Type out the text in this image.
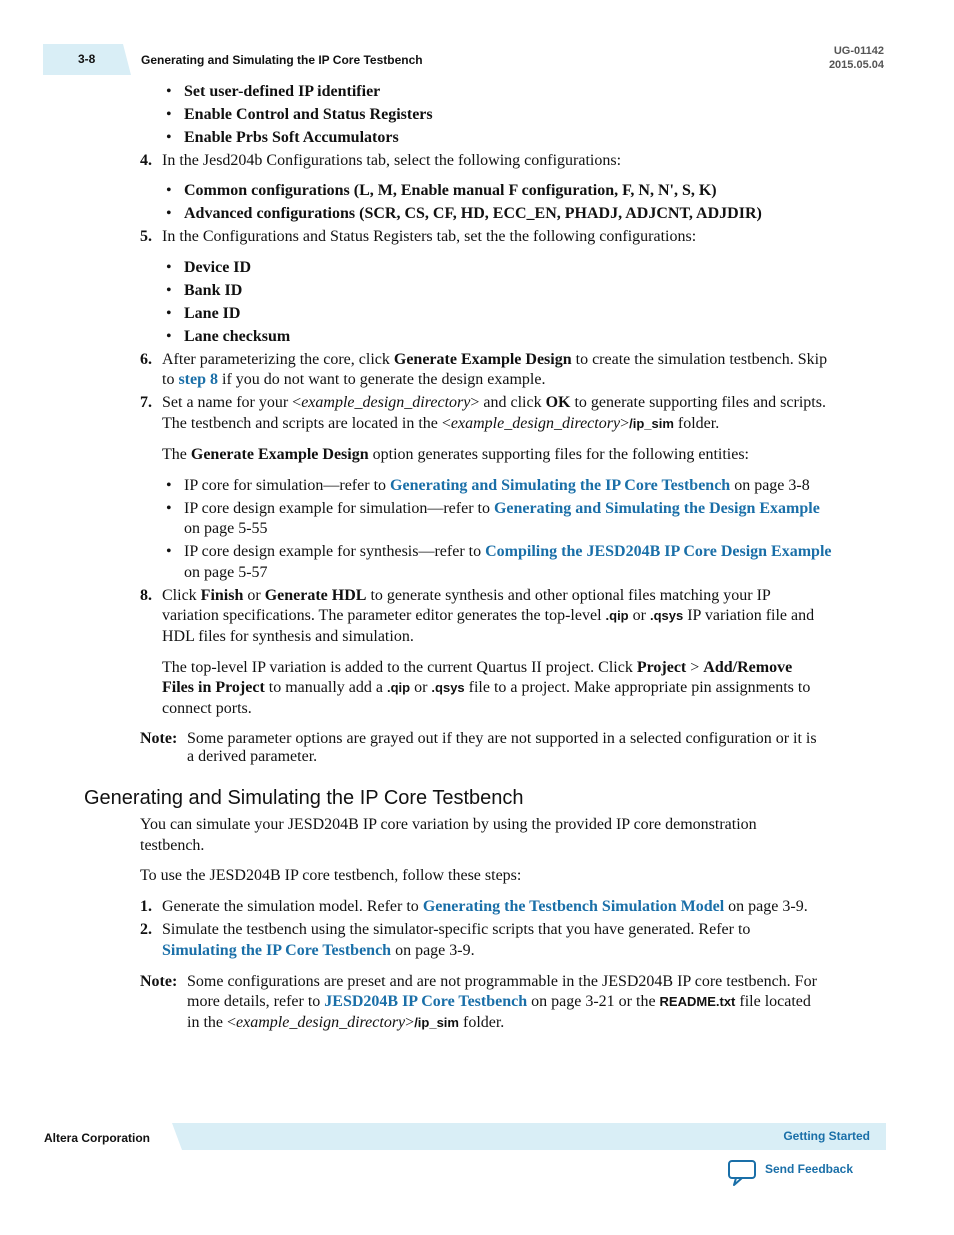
3-8	Generating and Simulating the IP Core Testbench
UG-01142
2015.05.04
• Set user-defined IP identifier
• Enable Control and Status Registers
• Enable Prbs Soft Accumulators
4. In the Jesd204b Configurations tab, select the following configurations:
• Common configurations (L, M, Enable manual F configuration, F, N, N', S, K)
• Advanced configurations (SCR, CS, CF, HD, ECC_EN, PHADJ, ADJCNT, ADJDIR)
5. In the Configurations and Status Registers tab, set the the following configurations:
• Device ID
• Bank ID
• Lane ID
• Lane checksum
6. After parameterizing the core, click Generate Example Design to create the simulation testbench. Skip
to step 8 if you do not want to generate the design example.
7. Set a name for your <example_design_directory> and click OK to generate supporting files and scripts.
The testbench and scripts are located in the <example_design_directory>/ip_sim folder.
The Generate Example Design option generates supporting files for the following entities:
• IP core for simulation—refer to Generating and Simulating the IP Core Testbench on page 3-8
• IP core design example for simulation—refer to Generating and Simulating the Design Example
on page 5-55
• IP core design example for synthesis—refer to Compiling the JESD204B IP Core Design Example
on page 5-57
8. Click Finish or Generate HDL to generate synthesis and other optional files matching your IP
variation specifications. The parameter editor generates the top-level .qip or .qsys IP variation file and
HDL files for synthesis and simulation.
The top-level IP variation is added to the current Quartus II project. Click Project > Add/Remove
Files in Project to manually add a .qip or .qsys file to a project. Make appropriate pin assignments to
connect ports.
Note: Some parameter options are grayed out if they are not supported in a selected configuration or it is
a derived parameter.
Generating and Simulating the IP Core Testbench
You can simulate your JESD204B IP core variation by using the provided IP core demonstration
testbench.
To use the JESD204B IP core testbench, follow these steps:
1. Generate the simulation model. Refer to Generating the Testbench Simulation Model on page 3-9.
2. Simulate the testbench using the simulator-specific scripts that you have generated. Refer to
Simulating the IP Core Testbench on page 3-9.
Note: Some configurations are preset and are not programmable in the JESD204B IP core testbench. For
more details, refer to JESD204B IP Core Testbench on page 3-21 or the README.txt file located
in the <example_design_directory>/ip_sim folder.
Altera Corporation	Getting Started
Send Feedback
